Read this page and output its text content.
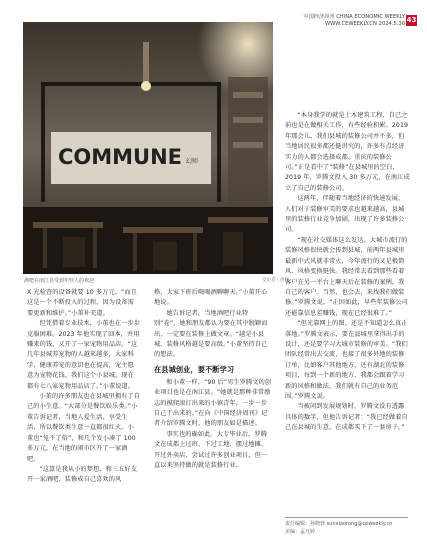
中国经济周刊 CHINA ECONOMIC WEEKLY
WWW.CEWEEKLY.CN 2024.5.30 43
COMMUNE 幻师
满吧在南江县受到年轻人的欢迎	受访者｜供图

X 光检查的设备就要 10 多万元。“而且这是一个不断投入的过程，因为设备需要更新和维护。”小董补充道。

但凭借着专业技术，小董也在一步步克服困难。2023 年他实现了回本，并用赚来的钱，又开了一家宠物用品店。“这几年县城养宠物的人越来越多，大家科学、健康养宠的意识也在提高，宠主愿意为宠物花钱。我们这个小县城，现在都有七八家宠物用品店了。”小董说道。

小董的许多朋友也在县城里拥有了自己的小生意。“大部分是餐饮娱乐类。”小董告诉记者，当地人爱生活、享受生活，所以餐饮类生意一直都很红火。小董也“兔不了俗”，和几个发小凑了 100 多万元，在当地的闹市区开了一家酒吧。

“这算是我从小的梦想，和三五好友开一家酒吧，装修成自己喜欢的风

格，大家下班后喝喝酒聊聊天。”小董开心地说。

她告诉记者，当地酒吧行业特别“卷”，她和朋友都认为要在其中脱颖而出，一定要在装修上做文章。“越是小县城，装修风格越是要高级。”小董坚持自己的想法。

在县城创业，要不断学习

和小董一样，“90 后”男生罗腾文的创业项目也是在南江县。“她就是那种非常励志的摸爬滚打出来的小镇青年，一步一步自己干出来的。”在向《中国经济周刊》记者介绍罗腾文时，他的朋友如是描述。

事实也的确如此。大专毕业后，罗腾文在成都上过班、下过工地、摆过地摊、开过外卖店，尝试过许多创业项目，但一直以来坚持做的就是装修行业。

“本身我学的就是土木建筑工程，自己之前也是在做相关工作，有些经验积累。2019 年那会儿，我们县城的装修公司并不多，但当地居民很多都还挺讲究的，许多有点经济实力的人都会选择成都、重庆的装修公司。”正是看中了“装修”在县城里的空白，2019 年，罗腾文投入 30 多万元，在南江成立了自己的装修公司。

这两年，伴随着当地经济的快速发展，人们对于装修审美的要求也越来越高，县城里的装修行业竞争加剧，出现了许多装修公司。

“现在社交媒体这么发达，大城市流行的装修风格很快就会传到县城，前两年县城里最新中式风就非常火，今年流行的又是极简风，风格变换挺快。我经常去看到那些看着客户在另一平台上聊天后在装修的案例，我自己的客户。当然，也会去，来找我们做装修。”罗腾文说。“正因如此，早些年装修公司还能靠信息差赚钱，现在已经很难了。”

“但光靠网上的图，还是不知道怎么真正落地。”罗腾文表示，要在县城里拿得出手的设计，还是要学习大城市装修的审美。“我们团队经常出去交流，也接了很多外地的装修订单，比如客户其他地方，还有湖北的装修项目，每到一个新的地方，我都会跟着学习新的风格和做法，我们就有自己的业务范围。”罗腾文说。

当被问到发展规划时，罗腾文没有透露具体的数字，但他告诉记者：“我已经做着自己在县城的生意，在成都买下了一套房子。”

责任编辑：孙晓蓉 sunxiaorong@ceweekly.cn
美编：孟凡婷
